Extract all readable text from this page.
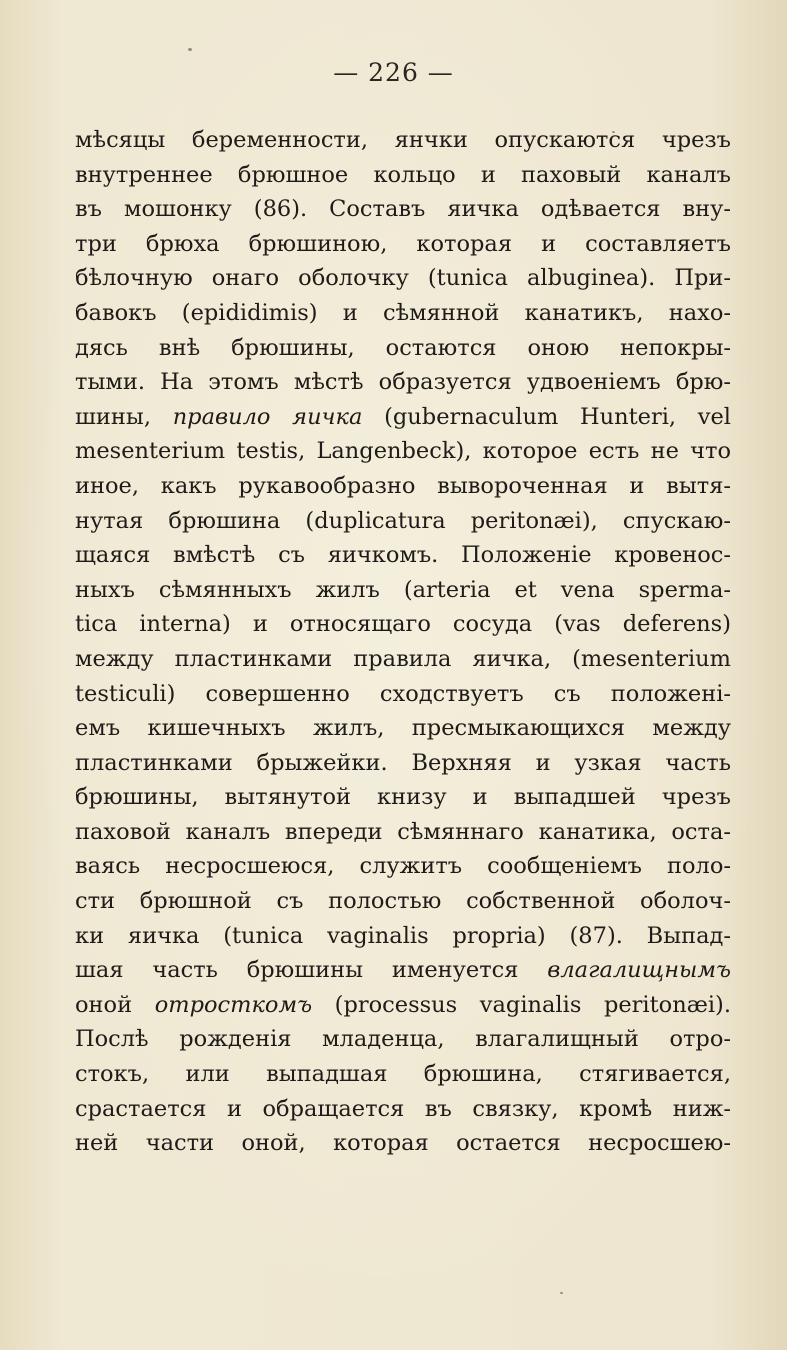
— 226 —
мѣсяцы беременности, янчки опускаются чрезъ
внутреннее брюшное кольцо и паховый каналъ
въ мошонку (86). Составъ яичка одѣвается вну-
три брюха брюшиною, которая и составляетъ
бѣлочную онаго оболочку (tunica albuginea). При-
бавокъ (epididimis) и сѣмянной канатикъ, нахо-
дясь внѣ брюшины, остаются оною непокры-
тыми. На этомъ мѣстѣ образуется удвоеніемъ брю-
шины, правило яичка (gubernaculum Hunteri, vel
mesenterium testis, Langenbeck), которое есть не что
иное, какъ рукавообразно вывороченная и вытя-
нутая брюшина (duplicatura peritonæi), спускаю-
щаяся вмѣстѣ съ яичкомъ. Положеніе кровенос-
ныхъ сѣмянныхъ жилъ (arteria et vena sperma-
tica interna) и относящаго сосуда (vas deferens)
между пластинками правила яичка, (mesenterium
testiculi) совершенно сходствуетъ съ положені-
емъ кишечныхъ жилъ, пресмыкающихся между
пластинками брыжейки. Верхняя и узкая часть
брюшины, вытянутой книзу и выпадшей чрезъ
паховой каналъ впереди сѣмяннаго канатика, оста-
ваясь несросшеюся, служитъ сообщеніемъ поло-
сти брюшной съ полостью собственной оболоч-
ки яичка (tunica vaginalis propria) (87). Выпад-
шая часть брюшины именуется влагалищнымъ
оной отросткомъ (processus vaginalis peritonæi).
Послѣ рожденія младенца, влагалищный отро-
стокъ, или выпадшая брюшина, стягивается,
срастается и обращается въ связку, кромѣ ниж-
ней части оной, которая остается несросшею-
